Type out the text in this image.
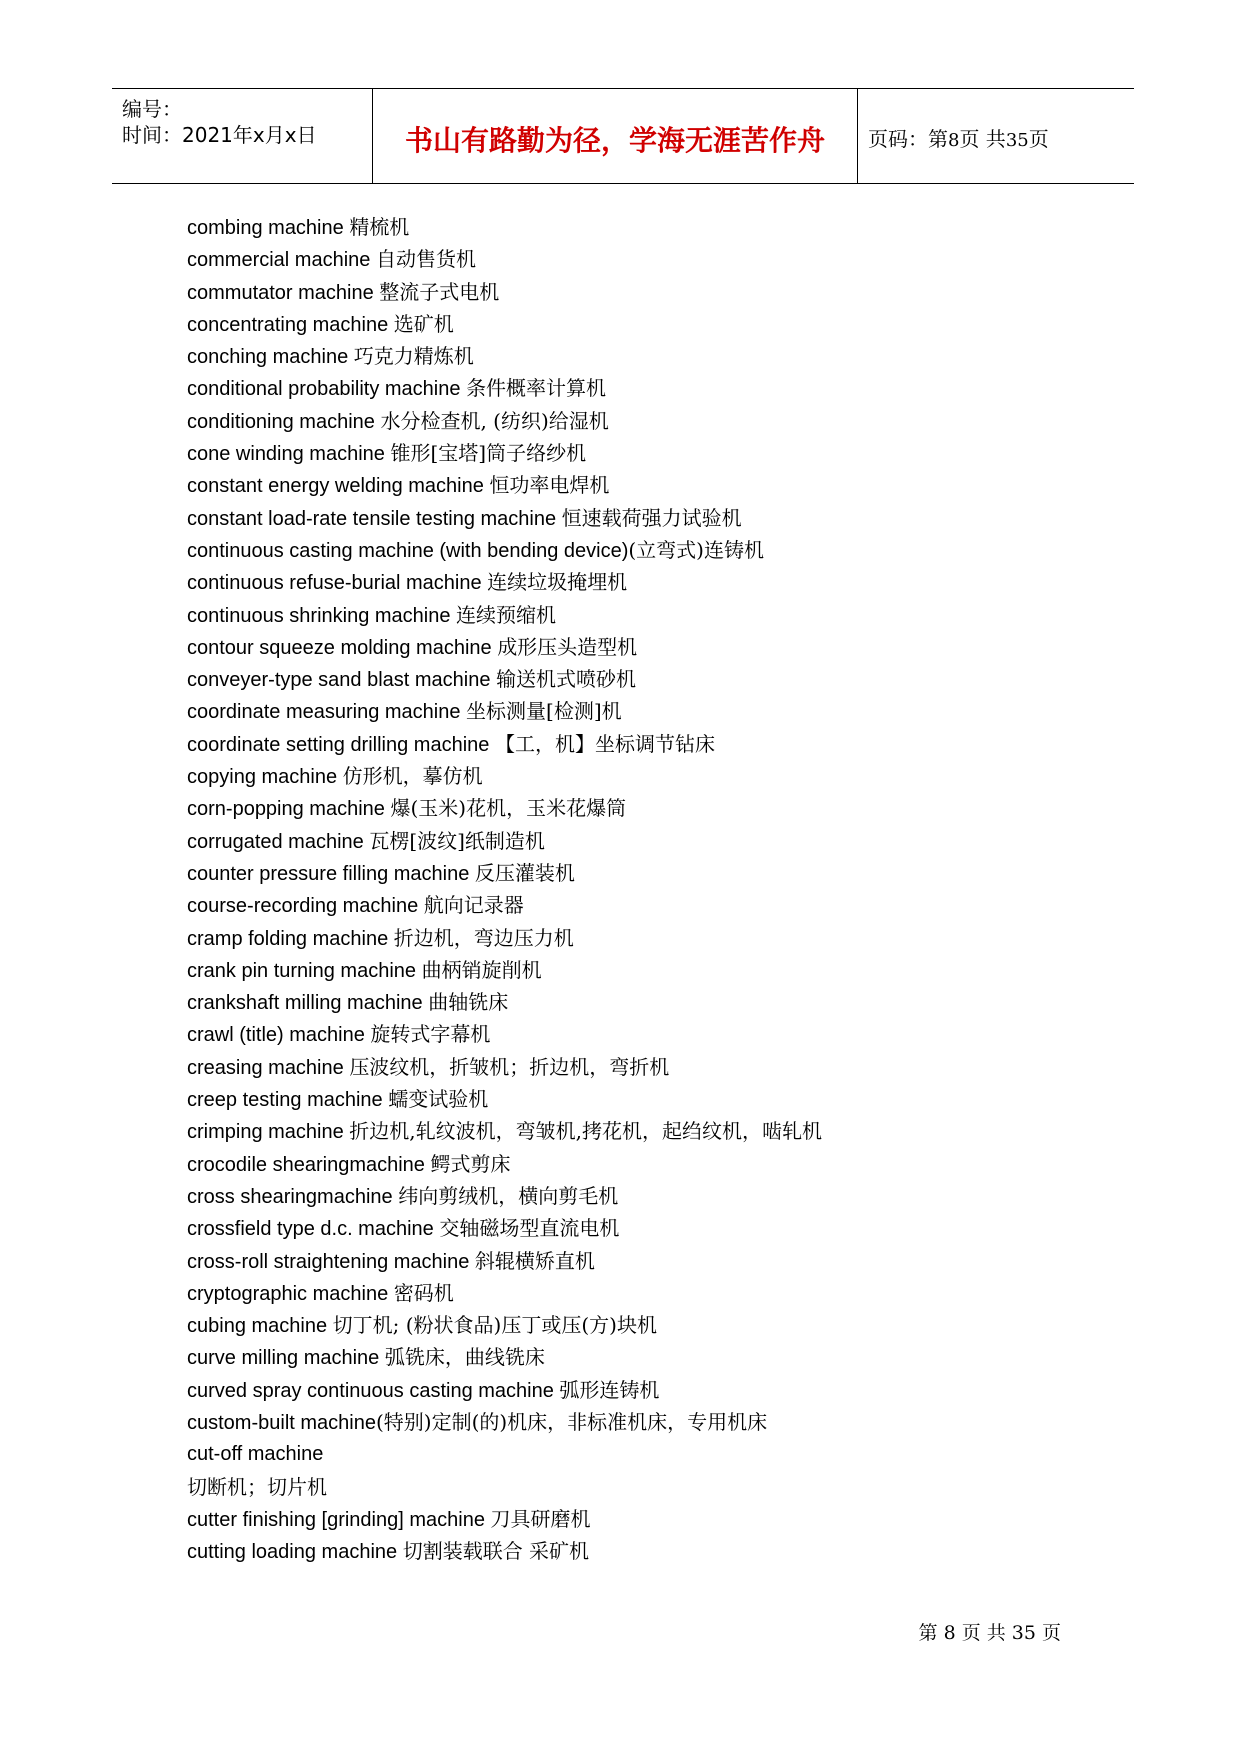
编号：
时间：2021年x月x日	书山有路勤为径，学海无涯苦作舟	页码：第8页 共35页
combing machine 精梳机
commercial machine 自动售货机
commutator machine 整流子式电机
concentrating machine 选矿机
conching machine 巧克力精炼机
conditional probability machine 条件概率计算机
conditioning machine 水分检查机, (纺织)给湿机
cone winding machine 锥形[宝塔]筒子络纱机
constant energy welding machine 恒功率电焊机
constant load-rate tensile testing machine 恒速载荷强力试验机
continuous casting machine (with bending device)(立弯式)连铸机
continuous refuse-burial machine 连续垃圾掩埋机
continuous shrinking machine 连续预缩机
contour squeeze molding machine 成形压头造型机
conveyer-type sand blast machine 输送机式喷砂机
coordinate measuring machine 坐标测量[检测]机
coordinate setting drilling machine 【工，机】坐标调节钻床
copying machine 仿形机，摹仿机
corn-popping machine 爆(玉米)花机，玉米花爆筒
corrugated machine 瓦楞[波纹]纸制造机
counter pressure filling machine 反压灌装机
course-recording machine 航向记录器
cramp folding machine 折边机，弯边压力机
crank pin turning machine 曲柄销旋削机
crankshaft milling machine 曲轴铣床
crawl (title) machine 旋转式字幕机
creasing machine 压波纹机，折皱机；折边机，弯折机
creep testing machine 蠕变试验机
crimping machine 折边机,轧纹波机，弯皱机,拷花机，起绉纹机，啮轧机
crocodile shearingmachine 鳄式剪床
cross shearingmachine 纬向剪绒机，横向剪毛机
crossfield type d.c. machine 交轴磁场型直流电机
cross-roll straightening machine 斜辊横矫直机
cryptographic machine 密码机
cubing machine 切丁机; (粉状食品)压丁或压(方)块机
curve milling machine 弧铣床，曲线铣床
curved spray continuous casting machine 弧形连铸机
custom-built machine(特别)定制(的)机床，非标准机床，专用机床
cut-off machine
切断机；切片机
cutter finishing [grinding] machine 刀具研磨机
cutting loading machine 切割装载联合 采矿机
第 8 页 共 35 页
